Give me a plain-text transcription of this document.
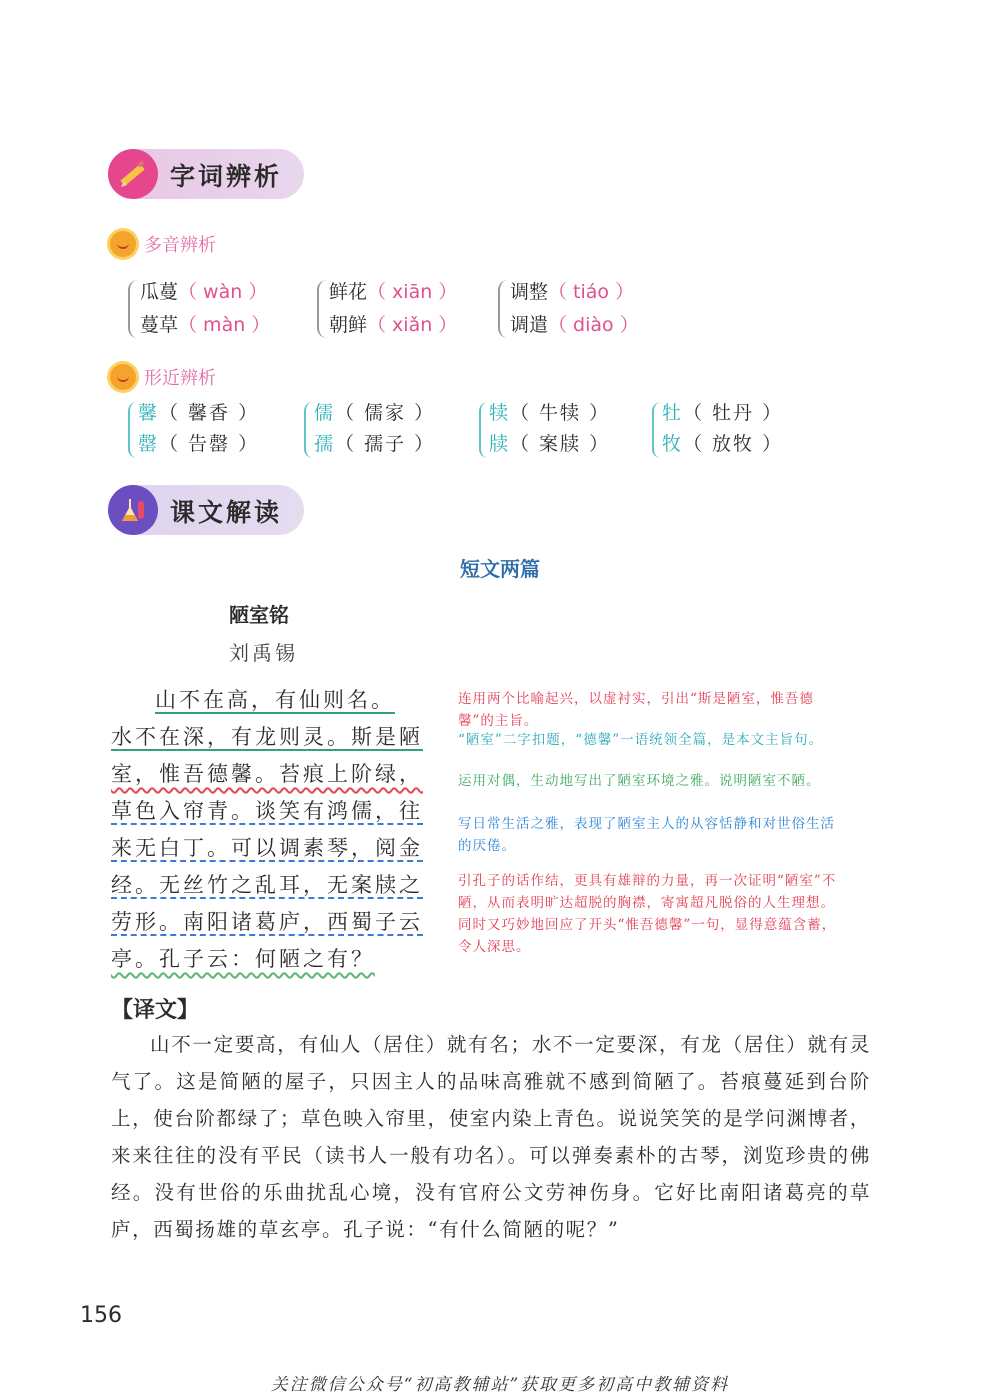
字词辨析
多音辨析
瓜蔓（ wàn ）
蔓草（ màn ）
鲜花（ xiān ）
朝鲜（ xiǎn ）
调整（ tiáo ）
调遣（ diào ）
形近辨析
馨（ 馨香 ）
罄（ 告罄 ）
儒（ 儒家 ）
孺（ 孺子 ）
犊（ 牛犊 ）
牍（ 案牍 ）
牡（ 牡丹 ）
牧（ 放牧 ）
课文解读
短文两篇
陋室铭
刘禹锡
山不在高，有仙则名。
水不在深，有龙则灵。斯是陋
室，惟吾德馨。苔痕上阶绿，
草色入帘青。谈笑有鸿儒，往
来无白丁。可以调素琴，阅金
经。无丝竹之乱耳，无案牍之
劳形。南阳诸葛庐，西蜀子云
亭。孔子云：何陋之有？
连用两个比喻起兴，以虚衬实，引出“斯是陋室，惟吾德馨”的主旨。
“陋室”二字扣题，“德馨”一语统领全篇，是本文主旨句。
运用对偶，生动地写出了陋室环境之雅。说明陋室不陋。
写日常生活之雅，表现了陋室主人的从容恬静和对世俗生活的厌倦。
引孔子的话作结，更具有雄辩的力量，再一次证明“陋室”不陋，从而表明旷达超脱的胸襟，寄寓超凡脱俗的人生理想。同时又巧妙地回应了开头“惟吾德馨”一句，显得意蕴含蓄，令人深思。
【译文】
山不一定要高，有仙人（居住）就有名；水不一定要深，有龙（居住）就有灵气了。这是简陋的屋子，只因主人的品味高雅就不感到简陋了。苔痕蔓延到台阶上，使台阶都绿了；草色映入帘里，使室内染上青色。说说笑笑的是学问渊博者，来来往往的没有平民（读书人一般有功名）。可以弹奏素朴的古琴，浏览珍贵的佛经。没有世俗的乐曲扰乱心境，没有官府公文劳神伤身。它好比南阳诸葛亮的草庐，西蜀扬雄的草玄亭。孔子说：“有什么简陋的呢？”
156
关注微信公众号“初高教辅站”获取更多初高中教辅资料
